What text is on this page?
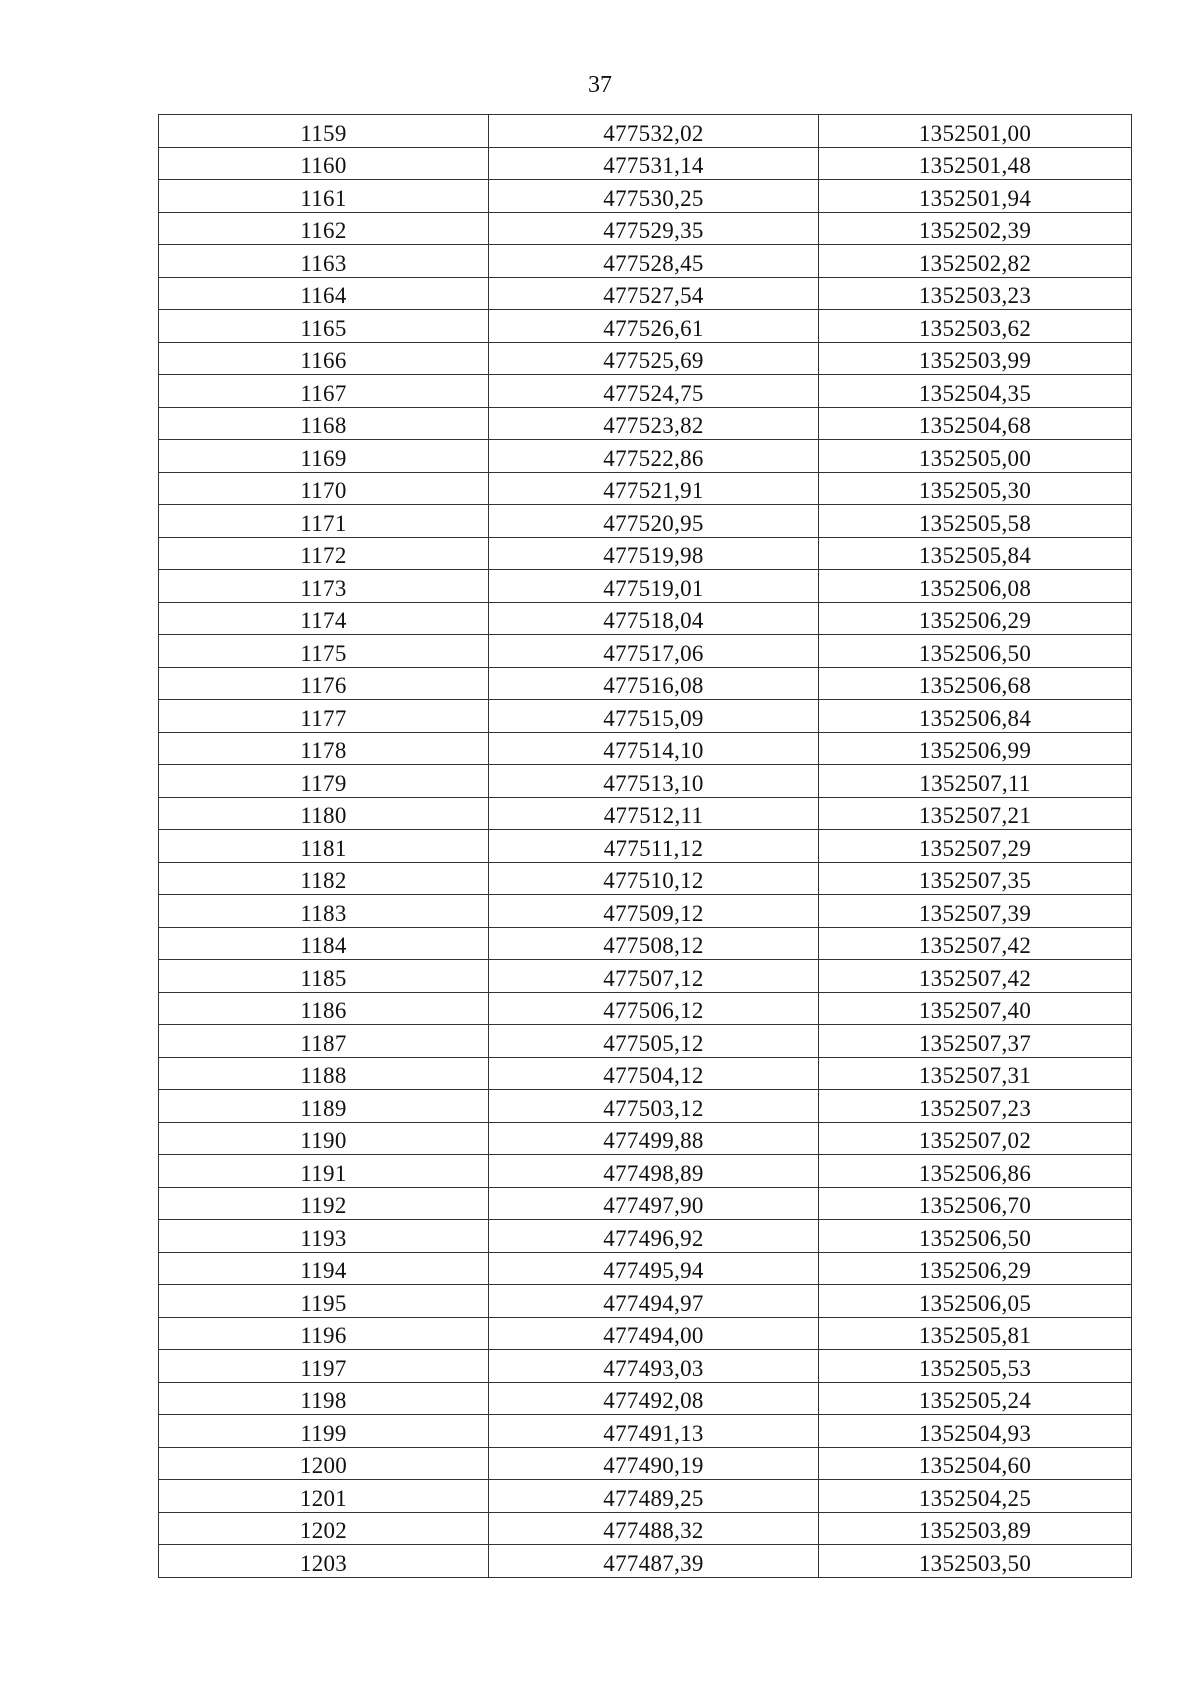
37
1159	477532,02	1352501,00
1160	477531,14	1352501,48
1161	477530,25	1352501,94
1162	477529,35	1352502,39
1163	477528,45	1352502,82
1164	477527,54	1352503,23
1165	477526,61	1352503,62
1166	477525,69	1352503,99
1167	477524,75	1352504,35
1168	477523,82	1352504,68
1169	477522,86	1352505,00
1170	477521,91	1352505,30
1171	477520,95	1352505,58
1172	477519,98	1352505,84
1173	477519,01	1352506,08
1174	477518,04	1352506,29
1175	477517,06	1352506,50
1176	477516,08	1352506,68
1177	477515,09	1352506,84
1178	477514,10	1352506,99
1179	477513,10	1352507,11
1180	477512,11	1352507,21
1181	477511,12	1352507,29
1182	477510,12	1352507,35
1183	477509,12	1352507,39
1184	477508,12	1352507,42
1185	477507,12	1352507,42
1186	477506,12	1352507,40
1187	477505,12	1352507,37
1188	477504,12	1352507,31
1189	477503,12	1352507,23
1190	477499,88	1352507,02
1191	477498,89	1352506,86
1192	477497,90	1352506,70
1193	477496,92	1352506,50
1194	477495,94	1352506,29
1195	477494,97	1352506,05
1196	477494,00	1352505,81
1197	477493,03	1352505,53
1198	477492,08	1352505,24
1199	477491,13	1352504,93
1200	477490,19	1352504,60
1201	477489,25	1352504,25
1202	477488,32	1352503,89
1203	477487,39	1352503,50
